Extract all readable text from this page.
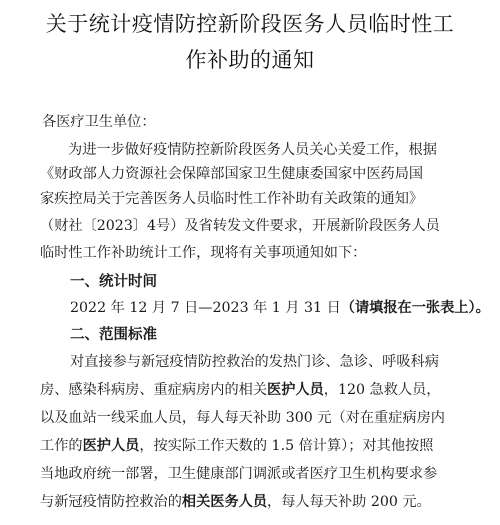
关于统计疫情防控新阶段医务人员临时性工
作补助的通知
各医疗卫生单位：
为进一步做好疫情防控新阶段医务人员关心关爱工作，根据
《财政部人力资源社会保障部国家卫生健康委国家中医药局国
家疾控局关于完善医务人员临时性工作补助有关政策的通知》
（财社〔2023〕4号）及省转发文件要求，开展新阶段医务人员
临时性工作补助统计工作，现将有关事项通知如下：
一、统计时间
2022 年 12 月 7 日—2023 年 1 月 31 日（请填报在一张表上）。
二、范围标准
对直接参与新冠疫情防控救治的发热门诊、急诊、呼吸科病
房、感染科病房、重症病房内的相关医护人员，120 急救人员，
以及血站一线采血人员，每人每天补助 300 元（对在重症病房内
工作的医护人员，按实际工作天数的 1.5 倍计算）；对其他按照
当地政府统一部署，卫生健康部门调派或者医疗卫生机构要求参
与新冠疫情防控救治的相关医务人员，每人每天补助 200 元。
